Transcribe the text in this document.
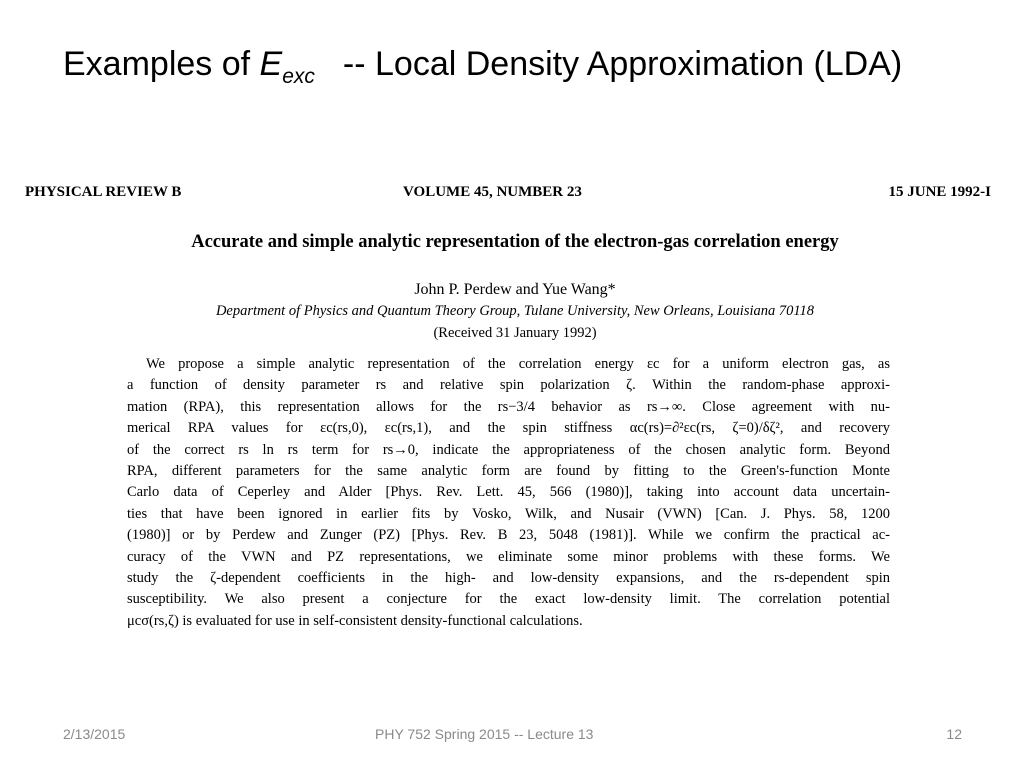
Examples of $E_{exc}$ -- Local Density Approximation (LDA)
PHYSICAL REVIEW B	VOLUME 45, NUMBER 23	15 JUNE 1992-I
Accurate and simple analytic representation of the electron-gas correlation energy
John P. Perdew and Yue Wang*
Department of Physics and Quantum Theory Group, Tulane University, New Orleans, Louisiana 70118
(Received 31 January 1992)
We propose a simple analytic representation of the correlation energy εc for a uniform electron gas, as
a function of density parameter rs and relative spin polarization ζ. Within the random-phase approxi-
mation (RPA), this representation allows for the rs−3/4 behavior as rs→∞. Close agreement with nu-
merical RPA values for εc(rs,0), εc(rs,1), and the spin stiffness αc(rs)=∂²εc(rs, ζ=0)/δζ², and recovery
of the correct rs ln rs term for rs→0, indicate the appropriateness of the chosen analytic form. Beyond
RPA, different parameters for the same analytic form are found by fitting to the Green's-function Monte
Carlo data of Ceperley and Alder [Phys. Rev. Lett. 45, 566 (1980)], taking into account data uncertain-
ties that have been ignored in earlier fits by Vosko, Wilk, and Nusair (VWN) [Can. J. Phys. 58, 1200
(1980)] or by Perdew and Zunger (PZ) [Phys. Rev. B 23, 5048 (1981)]. While we confirm the practical ac-
curacy of the VWN and PZ representations, we eliminate some minor problems with these forms. We
study the ζ-dependent coefficients in the high- and low-density expansions, and the rs-dependent spin
susceptibility. We also present a conjecture for the exact low-density limit. The correlation potential
μcσ(rs,ζ) is evaluated for use in self-consistent density-functional calculations.
2/13/2015	PHY 752 Spring 2015 -- Lecture 13	12
